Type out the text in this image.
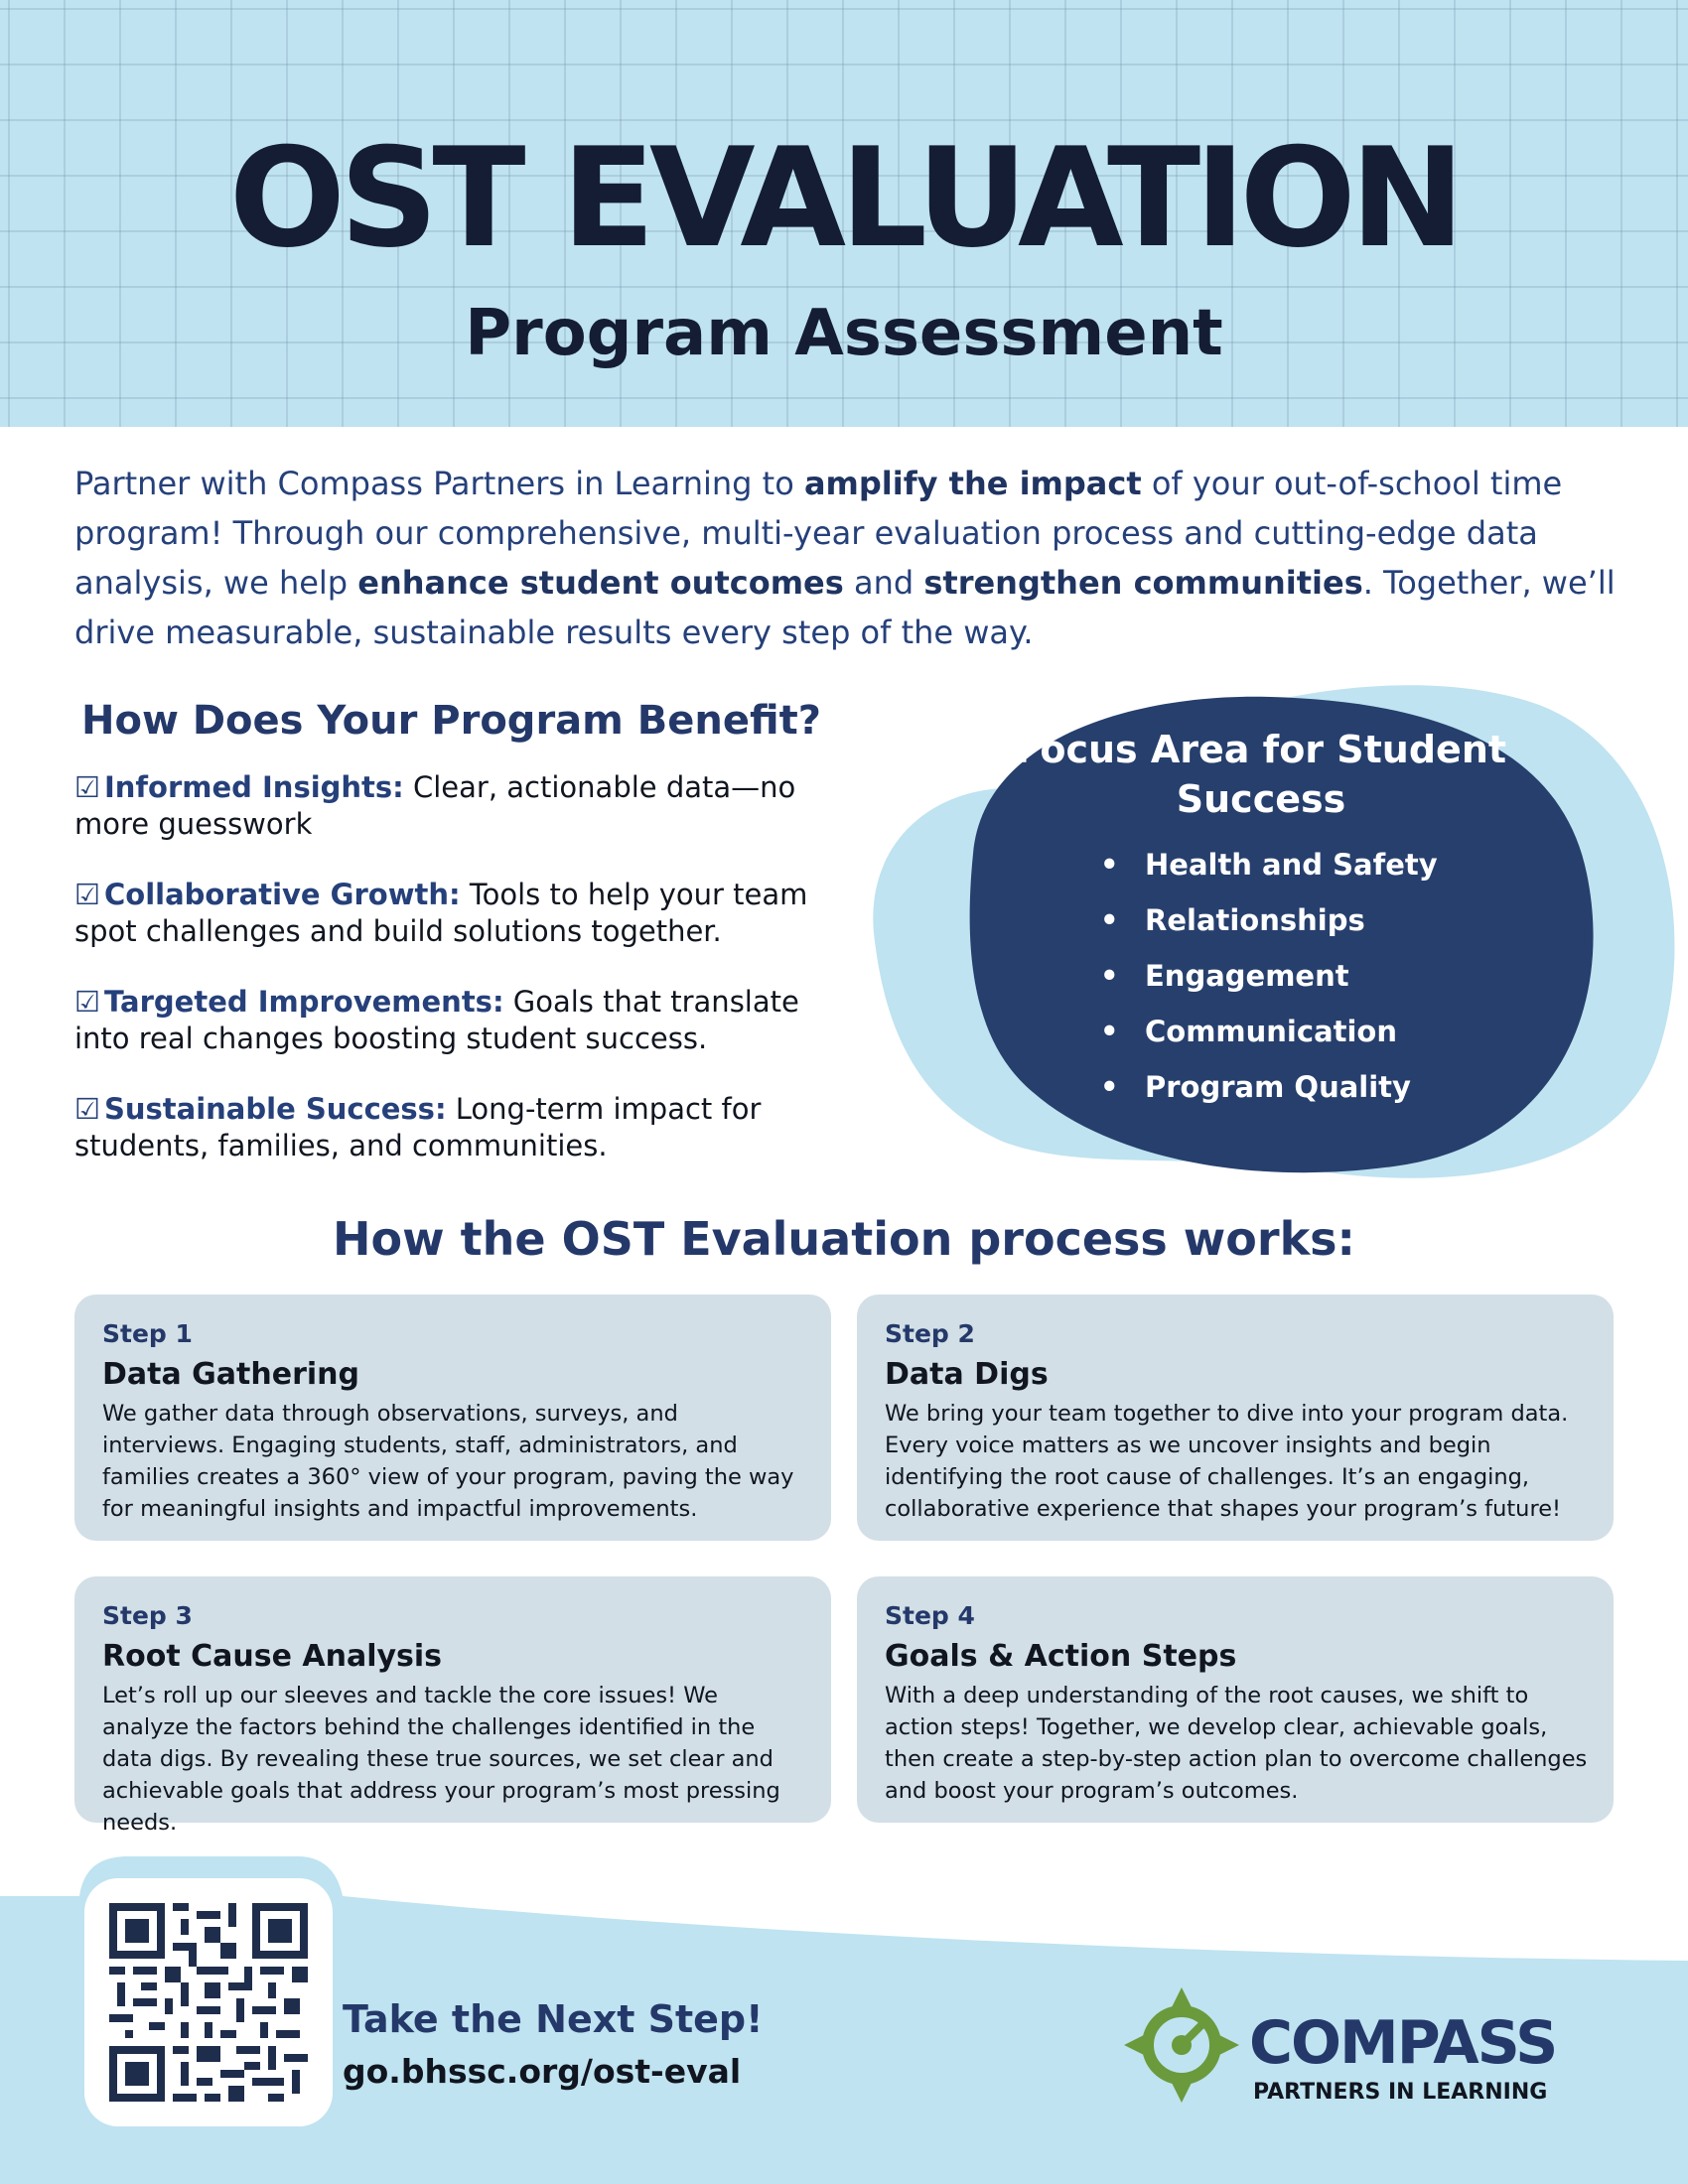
OST EVALUATION
Program Assessment

Partner with Compass Partners in Learning to amplify the impact of your out-of-school time program! Through our comprehensive, multi-year evaluation process and cutting-edge data analysis, we help enhance student outcomes and strengthen communities. Together, we’ll drive measurable, sustainable results every step of the way.

How Does Your Program Benefit?
☑ Informed Insights: Clear, actionable data—no more guesswork
☑ Collaborative Growth: Tools to help your team spot challenges and build solutions together.
☑ Targeted Improvements: Goals that translate into real changes boosting student success.
☑ Sustainable Success: Long-term impact for students, families, and communities.
Focus Area for Student Success
• Health and Safety
• Relationships
• Engagement
• Communication
• Program Quality
How the OST Evaluation process works:
Step 1
Data Gathering
We gather data through observations, surveys, and interviews. Engaging students, staff, administrators, and families creates a 360° view of your program, paving the way for meaningful insights and impactful improvements.
Step 2
Data Digs
We bring your team together to dive into your program data. Every voice matters as we uncover insights and begin identifying the root cause of challenges. It’s an engaging, collaborative experience that shapes your program’s future!
Step 3
Root Cause Analysis
Let’s roll up our sleeves and tackle the core issues! We analyze the factors behind the challenges identified in the data digs. By revealing these true sources, we set clear and achievable goals that address your program’s most pressing needs.
Step 4
Goals & Action Steps
With a deep understanding of the root causes, we shift to action steps! Together, we develop clear, achievable goals, then create a step-by-step action plan to overcome challenges and boost your program’s outcomes.
Take the Next Step!
go.bhssc.org/ost-eval	COMPASS
PARTNERS IN LEARNING
